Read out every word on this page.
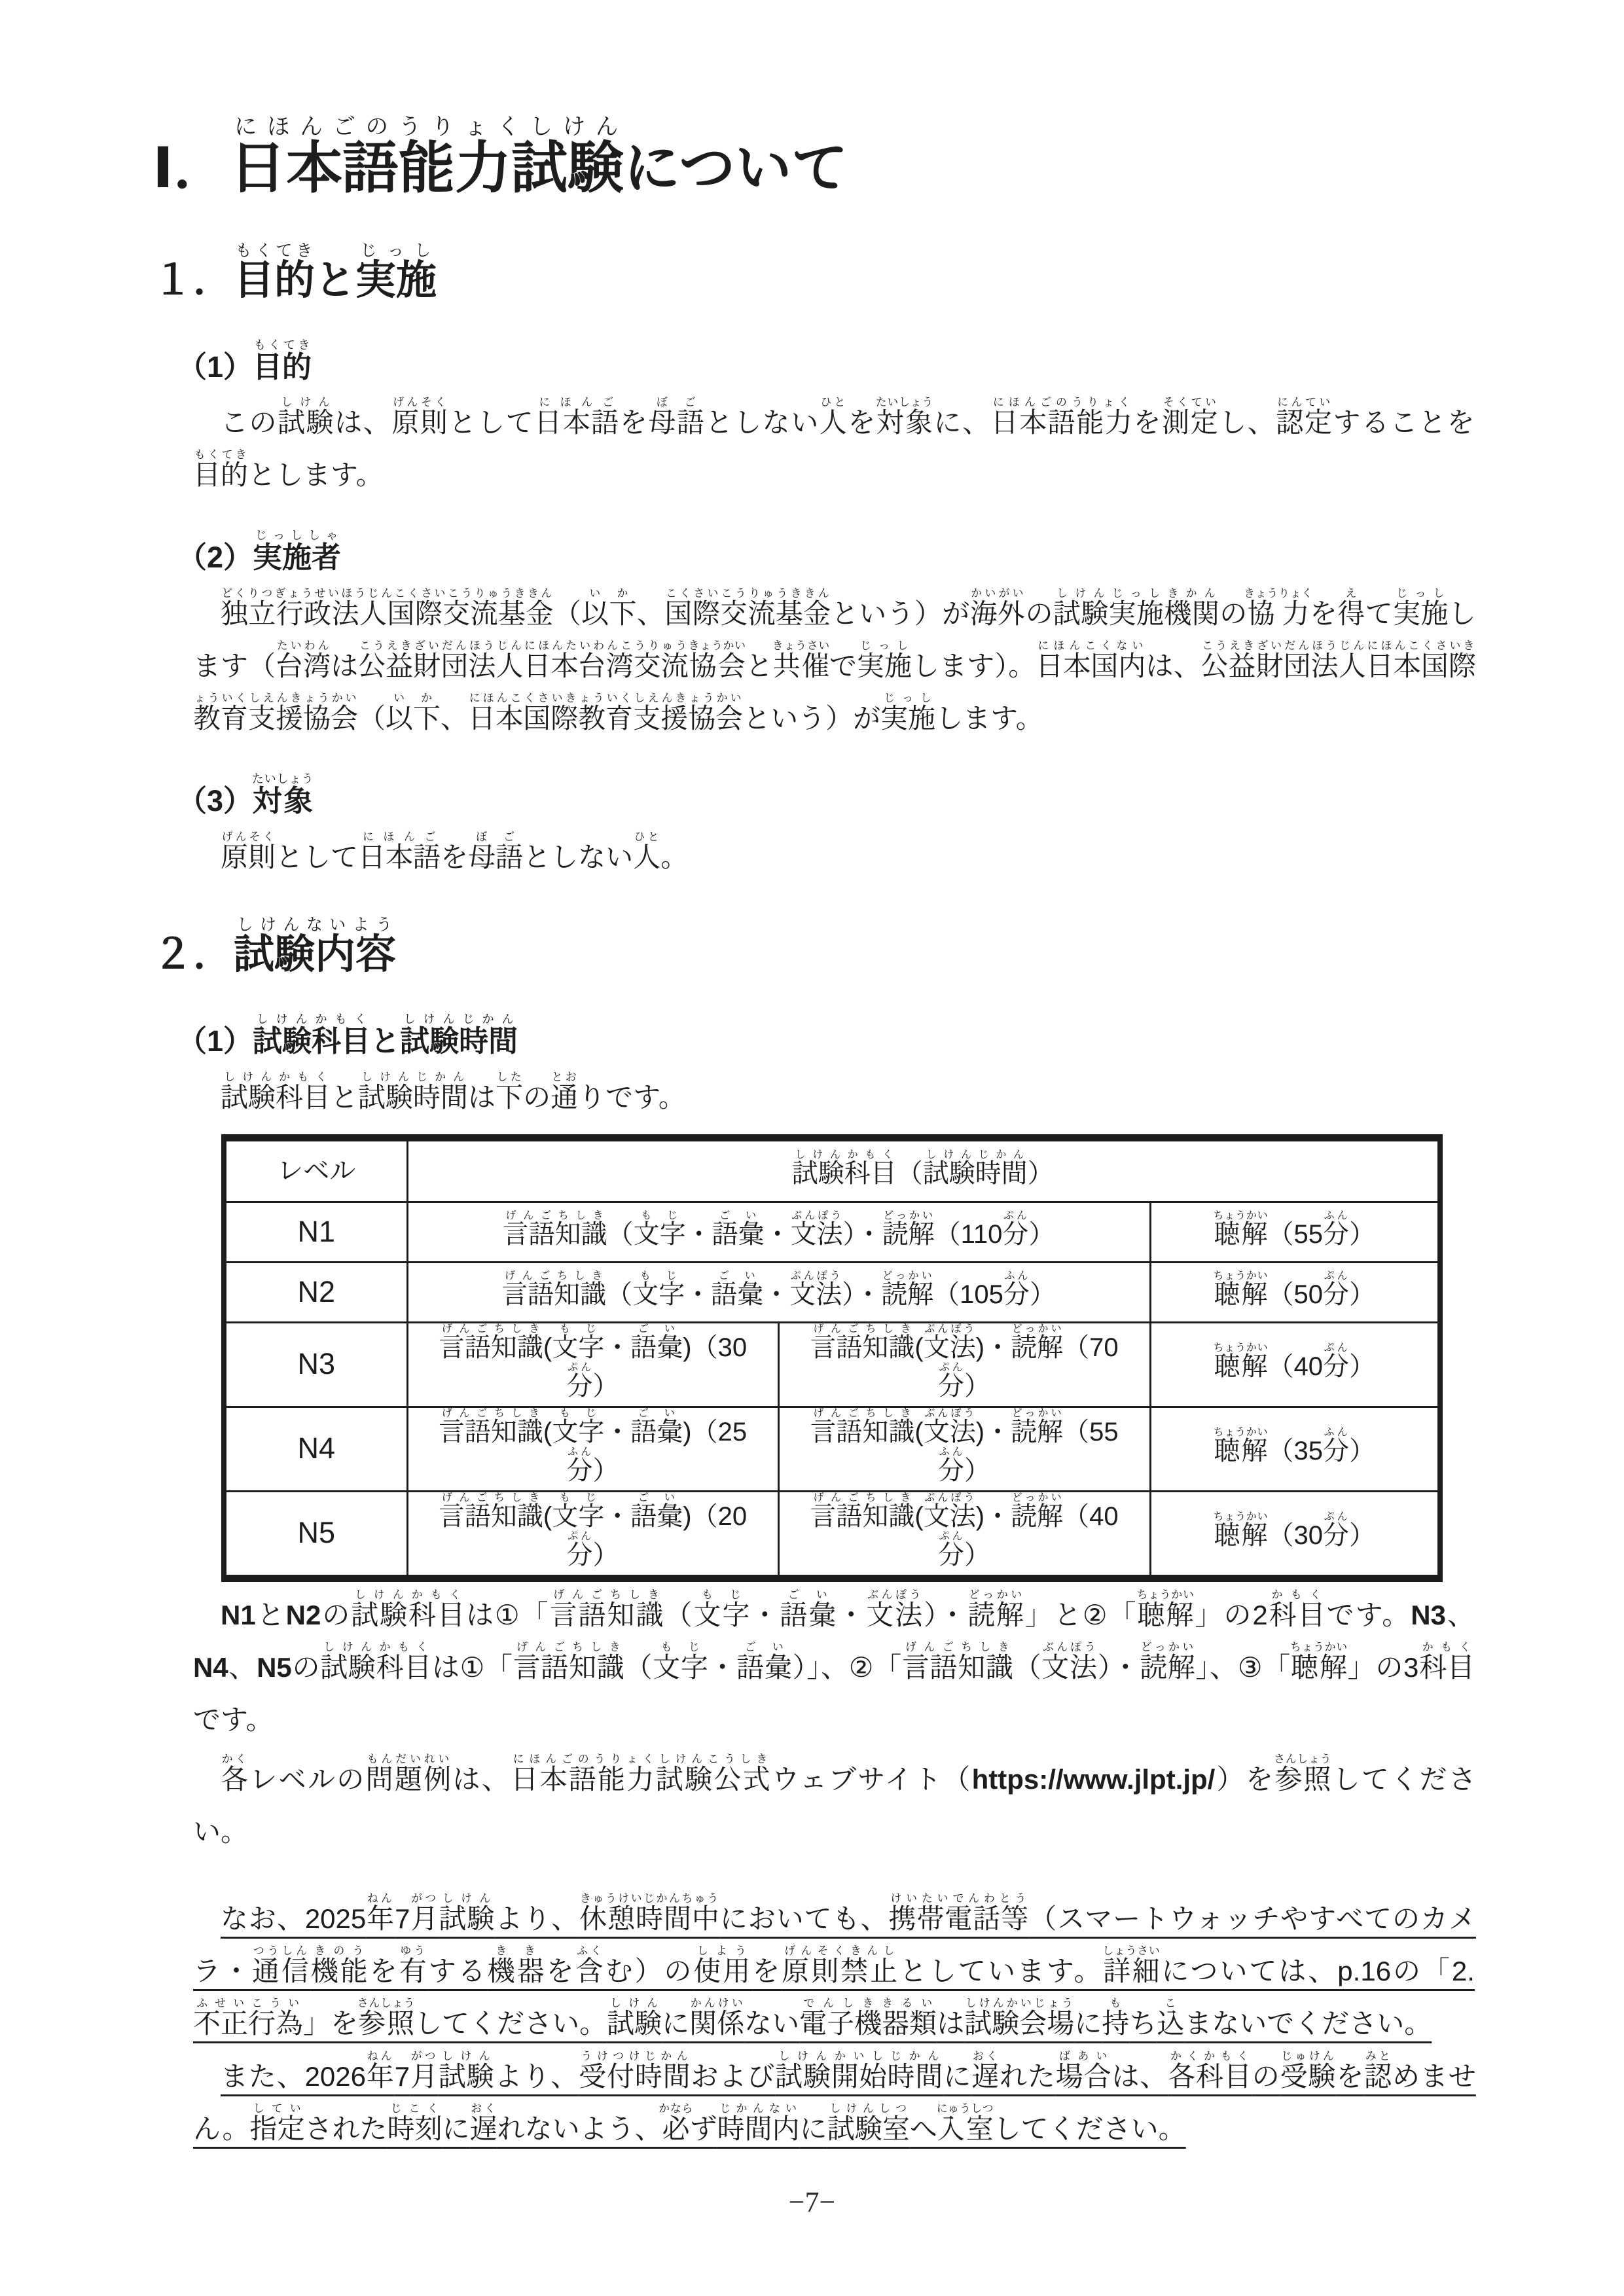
Ⅰ．日本語能力試験にほんごのうりょくしけんについて
１．目的もくてきと実施じっし
（1）目的もくてき

この試験しけんは、原則げんそくとして日本語にほんごを母語ぼごとしない人ひとを対象たいしょうに、日本語能力にほんごのうりょくを測定そくていし、認定にんていすることを目的もくてきとします。

（2）実施者じっししゃ

独立行政法人国際交流基金どくりつぎょうせいほうじんこくさいこうりゅうききん（以下いか、国際交流基金こくさいこうりゅうききんという）が海外かいがいの試験実施機関しけんじっしきかんの協力きょうりょくを得えて実施じっしします（台湾たいわんは公益財団法人こうえきざいだんほうじん日本台湾交流にほんたいわんこうりゅう協会きょうかいと共催きょうさいで実施じっしします）。日本国内にほんこくないは、公益財団法人こうえきざいだんほうじん日本国際教育支援協会にほんこくさいきょういくしえんきょうかい（以下いか、日本国際教育支援協会にほんこくさいきょういくしえんきょうかいという）が実施じっしします。

（3）対象たいしょう

原則げんそくとして日本語にほんごを母語ぼごとしない人ひと。

２．試験内容しけんないよう
（1）試験科目しけんかもくと試験時間しけんじかん

試験科目しけんかもくと試験時間しけんじかんは下したの通とおりです。

レベル	試験科目しけんかもく（試験時間しけんじかん）		
N1	言語知識げんごちしき（文字もじ・語彙ごい・文法ぶんぽう）・読解どっかい（110分ぷん）		聴解ちょうかい（55分ふん）
N2	言語知識げんごちしき（文字もじ・語彙ごい・文法ぶんぽう）・読解どっかい（105分ふん）		聴解ちょうかい（50分ぷん）
N3	言語知識げんごちしき(文字もじ・語彙ごい)（30分ぷん）	言語知識げんごちしき(文法ぶんぽう)・読解どっかい（70分ぷん）	聴解ちょうかい（40分ぷん）
N4	言語知識げんごちしき(文字もじ・語彙ごい)（25分ふん）	言語知識げんごちしき(文法ぶんぽう)・読解どっかい（55分ふん）	聴解ちょうかい（35分ふん）
N5	言語知識げんごちしき(文字もじ・語彙ごい)（20分ぷん）	言語知識げんごちしき(文法ぶんぽう)・読解どっかい（40分ぷん）	聴解ちょうかい（30分ぷん）

N1とN2の試験科目しけんかもくは①「言語知識げんごちしき（文字もじ・語彙ごい・文法ぶんぽう）・読解どっかい」と②「聴解ちょうかい」の2科目かもくです。N3、N4、N5の試験科目しけんかもくは①「言語知識げんごちしき（文字もじ・語彙ごい）」、②「言語知識げんごちしき（文法ぶんぽう）・読解どっかい」、③「聴解ちょうかい」の3科目かもくです。

各かくレベルの問題例もんだいれいは、日本語能力試験公式にほんごのうりょくしけんこうしきウェブサイト（https://www.jlpt.jp/）を参照さんしょうしてください。

なお、2025年ねん7月がつ試験しけんより、休憩時間中きゅうけいじかんちゅうにおいても、携帯電話等けいたいでんわとう（スマートウォッチやすべてのカメラ・通信つうしん機能きのうを有ゆうする機器ききを含ふくむ）の使用しようを原則禁止げんそくきんしとしています。詳細しょうさいについては、p.16の「2.不正行為ふせいこうい」を参照さんしょうしてください。試験しけんに関係かんけいない電子機器類でんしききるいは試験会場しけんかいじょうに持もち込こまないでください。

また、2026年ねん7月がつ試験しけんより、受付時間うけつけじかんおよび試験開始時間しけんかいしじかんに遅おくれた場合ばあいは、各科目かくかもくの受験じゅけんを認みとめません。指定していされた時刻じこくに遅おくれないよう、必かならず時間内じかんないに試験室しけんしつへ入室にゅうしつしてください。

−7−
